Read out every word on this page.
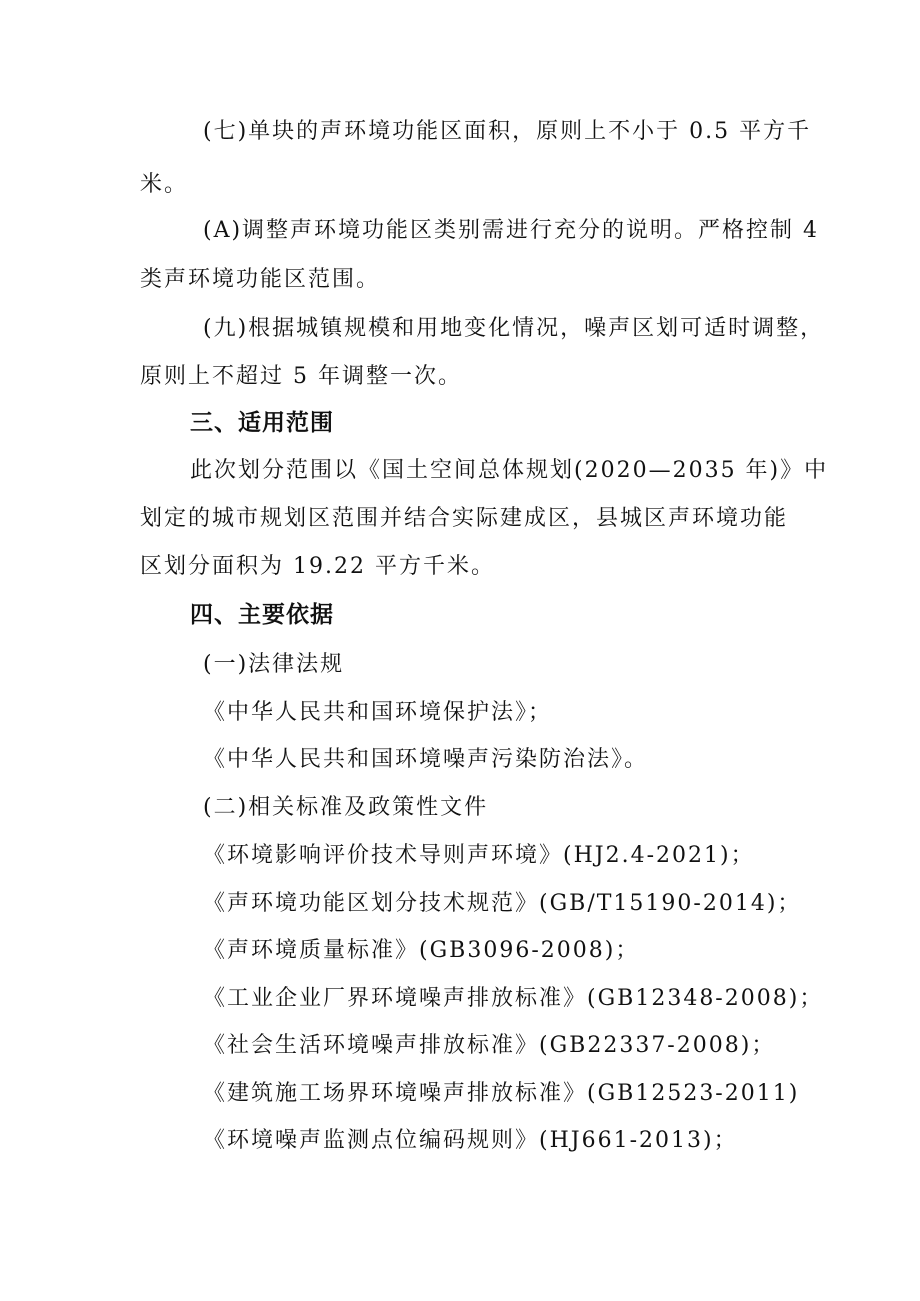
(七)单块的声环境功能区面积，原则上不小于 0.5 平方千
米。
(A)调整声环境功能区类别需进行充分的说明。严格控制 4
类声环境功能区范围。
(九)根据城镇规模和用地变化情况，噪声区划可适时调整，
原则上不超过 5 年调整一次。
三、适用范围
此次划分范围以《国土空间总体规划(2020—2035 年)》中
划定的城市规划区范围并结合实际建成区，县城区声环境功能
区划分面积为 19.22 平方千米。
四、主要依据
(一)法律法规
《中华人民共和国环境保护法》；
《中华人民共和国环境噪声污染防治法》。
(二)相关标准及政策性文件
《环境影响评价技术导则声环境》(HJ2.4-2021)；
《声环境功能区划分技术规范》(GB/T15190-2014)；
《声环境质量标准》(GB3096-2008)；
《工业企业厂界环境噪声排放标准》(GB12348-2008)；
《社会生活环境噪声排放标准》(GB22337-2008)；
《建筑施工场界环境噪声排放标准》(GB12523-2011)
《环境噪声监测点位编码规则》(HJ661-2013)；
